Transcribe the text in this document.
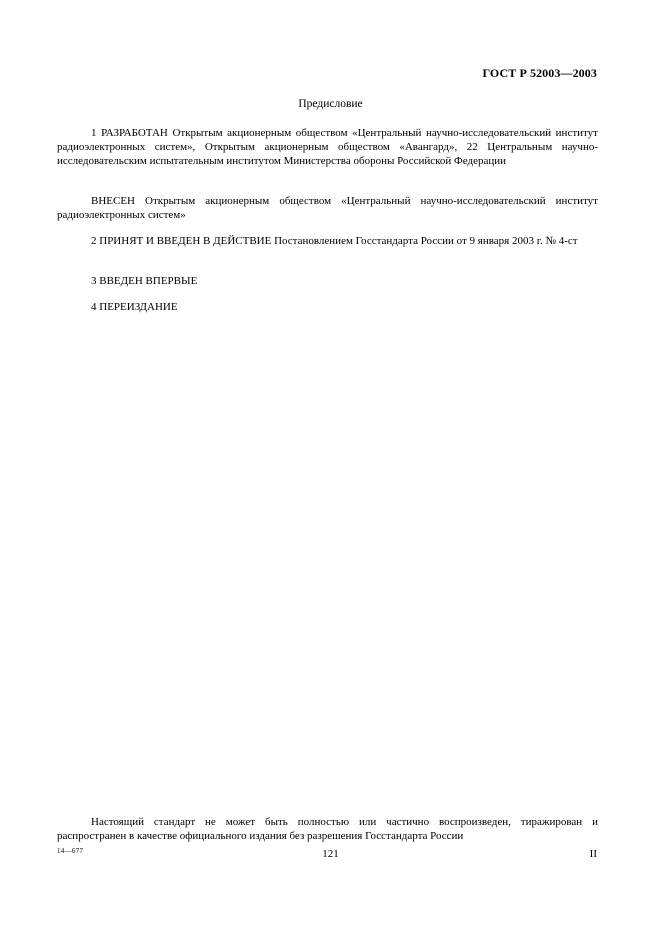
ГОСТ Р 52003—2003
Предисловие

1 РАЗРАБОТАН Открытым акционерным обществом «Центральный научно-исследовательский институт радиоэлектронных систем», Открытым акционерным обществом «Авангард», 22 Центральным научно-исследовательским испытательным институтом Министерства обороны Российской Федерации

ВНЕСЕН Открытым акционерным обществом «Центральный научно-исследовательский институт радиоэлектронных систем»

2 ПРИНЯТ И ВВЕДЕН В ДЕЙСТВИЕ Постановлением Госстандарта России от 9 января 2003 г. № 4-ст

3 ВВЕДЕН ВПЕРВЫЕ

4 ПЕРЕИЗДАНИЕ

Настоящий стандарт не может быть полностью или частично воспроизведен, тиражирован и распространен в качестве официального издания без разрешения Госстандарта России

14—677	121	II
